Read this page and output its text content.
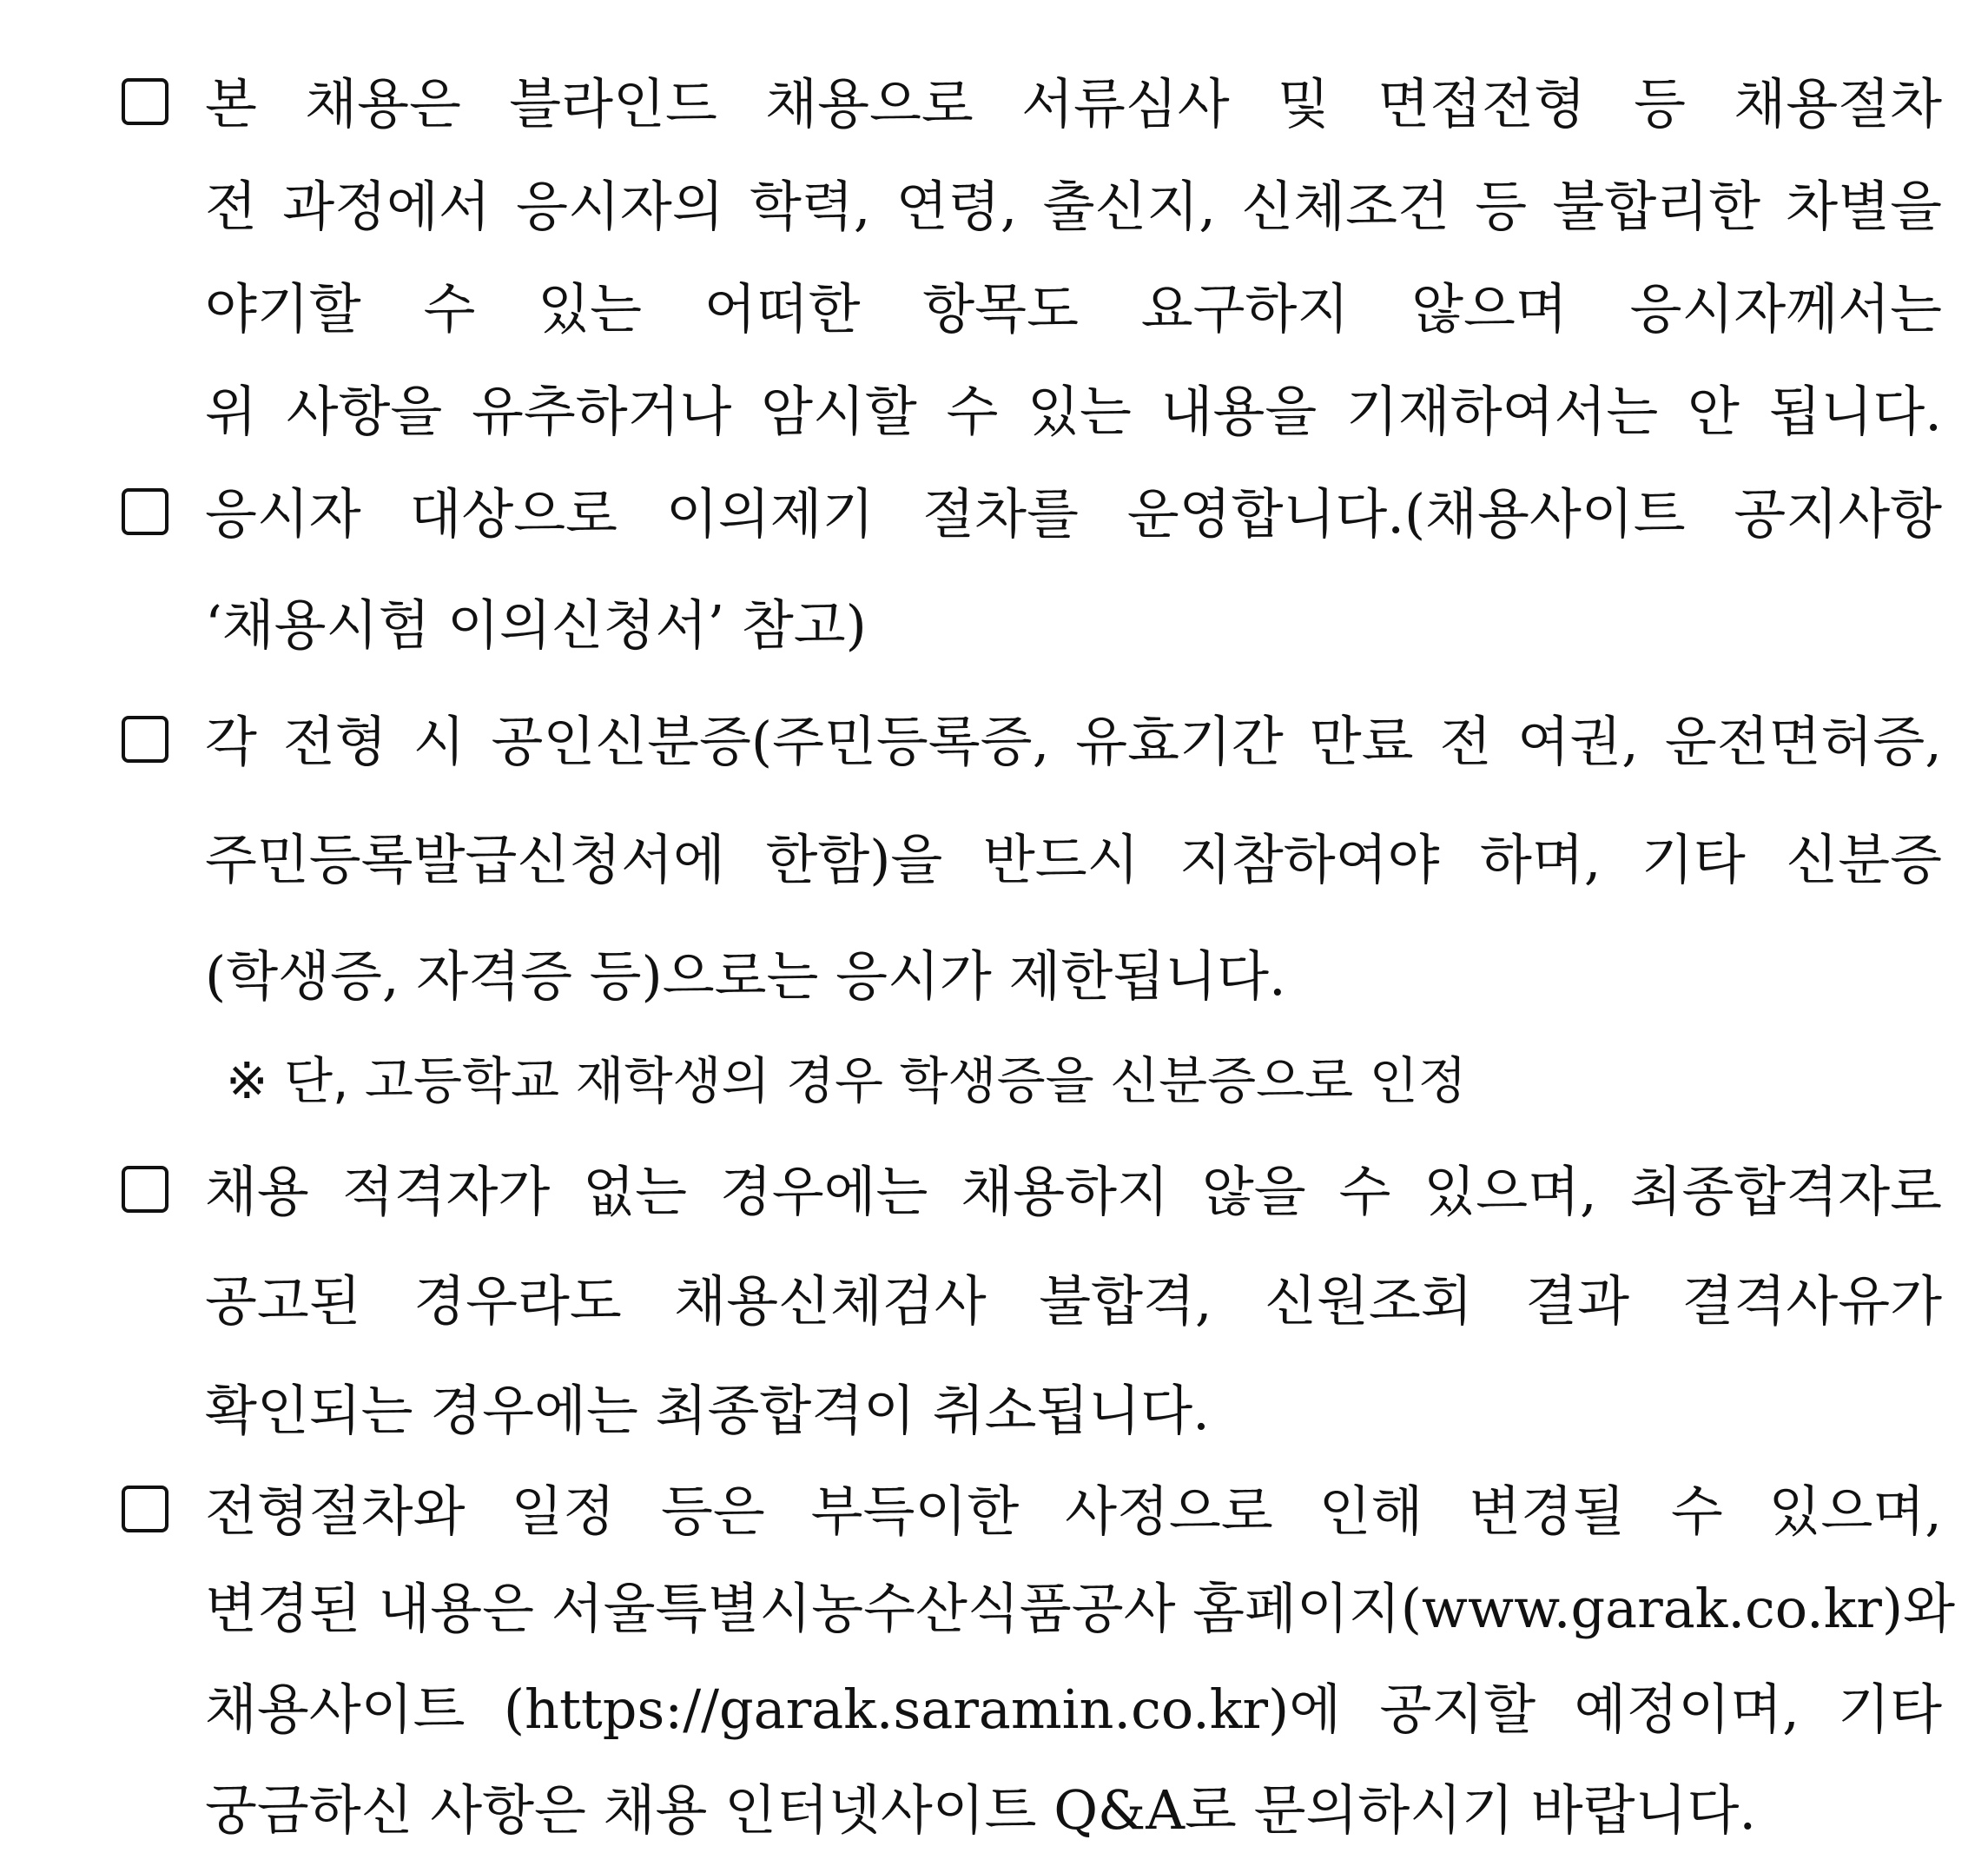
본 채용은 블라인드 채용으로 서류심사 및 면접전형 등 채용절차
전 과정에서 응시자의 학력, 연령, 출신지, 신체조건 등 불합리한 차별을
야기할 수 있는 어떠한 항목도 요구하지 않으며 응시자께서는
위 사항을 유추하거나 암시할 수 있는 내용을 기재하여서는 안 됩니다.
응시자 대상으로 이의제기 절차를 운영합니다.(채용사이트 공지사항
‘채용시험 이의신청서’ 참고)
각 전형 시 공인신분증(주민등록증, 유효기간 만료 전 여권, 운전면허증,
주민등록발급신청서에 한함)을 반드시 지참하여야 하며, 기타 신분증
(학생증, 자격증 등)으로는 응시가 제한됩니다.
※ 단, 고등학교 재학생의 경우 학생증을 신분증으로 인정
채용 적격자가 없는 경우에는 채용하지 않을 수 있으며, 최종합격자로
공고된 경우라도 채용신체검사 불합격, 신원조회 결과 결격사유가
확인되는 경우에는 최종합격이 취소됩니다.
전형절차와 일정 등은 부득이한 사정으로 인해 변경될 수 있으며,
변경된 내용은 서울특별시농수산식품공사 홈페이지(www.garak.co.kr)와
채용사이트 (https://garak.saramin.co.kr)에 공지할 예정이며, 기타
궁금하신 사항은 채용 인터넷사이트 Q&A로 문의하시기 바랍니다.
